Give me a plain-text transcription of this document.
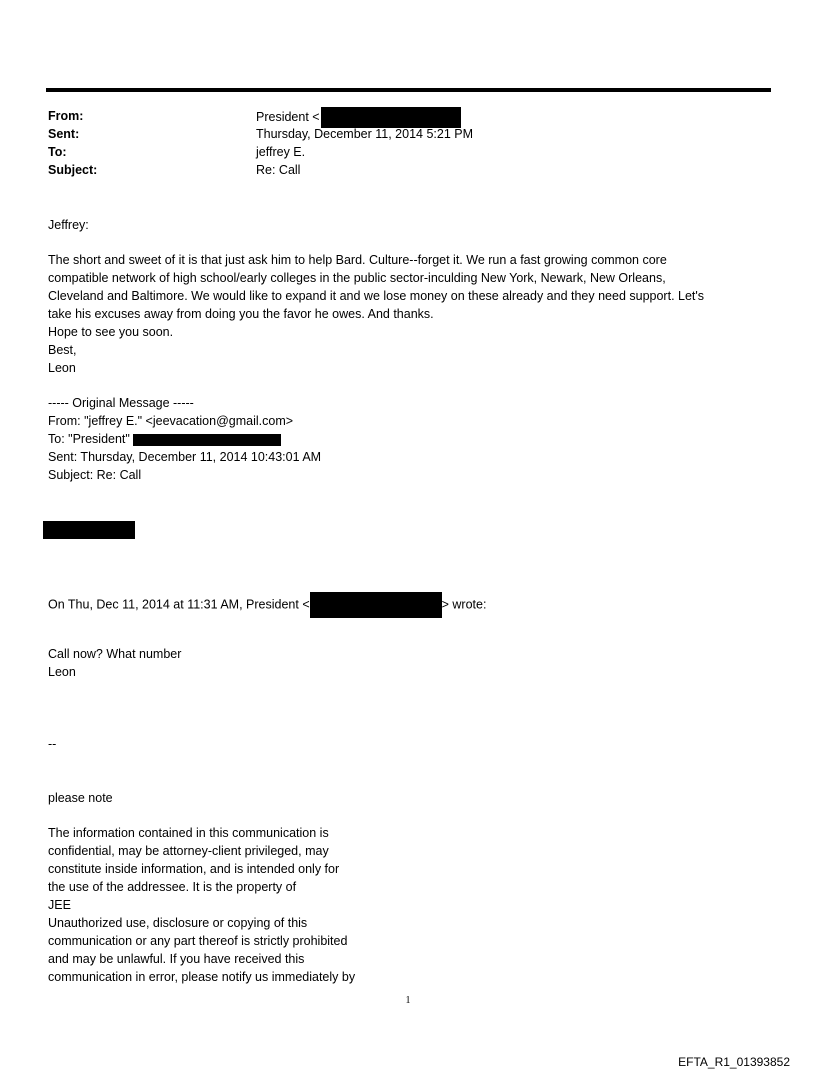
From:	President <
Sent:	Thursday, December 11, 2014 5:21 PM
To:	jeffrey E.
Subject:	Re: Call
Jeffrey:
The short and sweet of it is that just ask him to help Bard. Culture--forget it. We run a fast growing common core
compatible network of high school/early colleges in the public sector-inculding New York, Newark, New Orleans,
Cleveland and Baltimore. We would like to expand it and we lose money on these already and they need support. Let's
take his excuses away from doing you the favor he owes. And thanks.
Hope to see you soon.
Best,
Leon
----- Original Message -----
From: "jeffrey E." <jeevacation@gmail.com>
To: "President"
Sent: Thursday, December 11, 2014 10:43:01 AM
Subject: Re: Call
On Thu, Dec 11, 2014 at 11:31 AM, President <	> wrote:
Call now? What number
Leon
--
please note
The information contained in this communication is
confidential, may be attorney-client privileged, may
constitute inside information, and is intended only for
the use of the addressee. It is the property of
JEE
Unauthorized use, disclosure or copying of this
communication or any part thereof is strictly prohibited
and may be unlawful. If you have received this
communication in error, please notify us immediately by
1
EFTA_R1_01393852
